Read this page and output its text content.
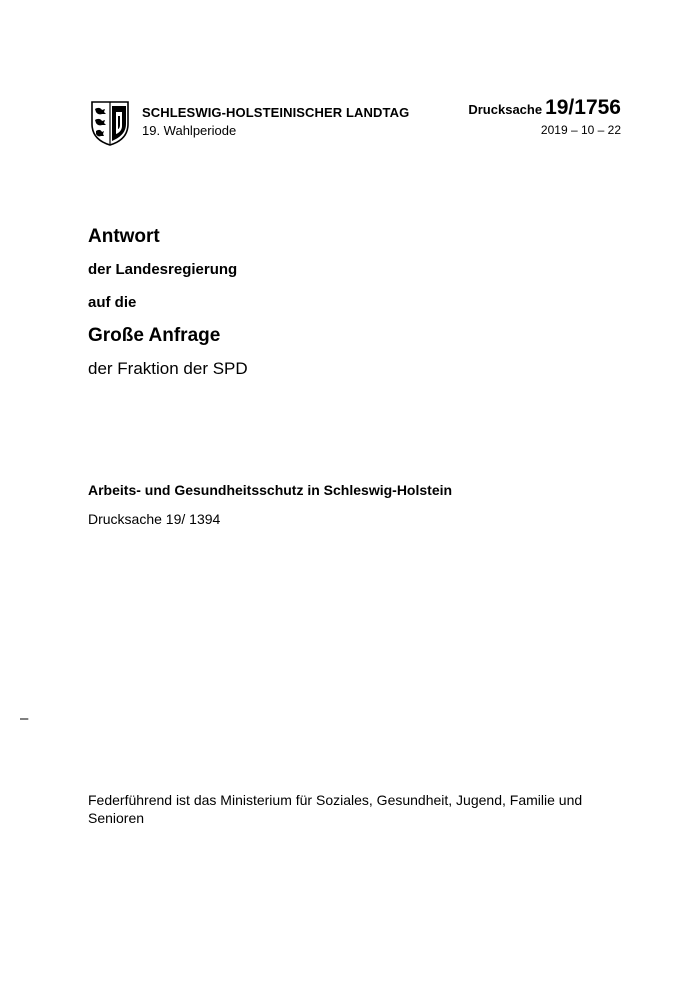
SCHLESWIG-HOLSTEINISCHER LANDTAG
19. Wahlperiode
Drucksache 19/1756
2019 – 10 – 22
Antwort
der Landesregierung
auf die
Große Anfrage
der Fraktion der SPD
Arbeits- und Gesundheitsschutz in Schleswig-Holstein
Drucksache 19/ 1394
–
Federführend ist das Ministerium für Soziales, Gesundheit, Jugend, Familie und Senioren
